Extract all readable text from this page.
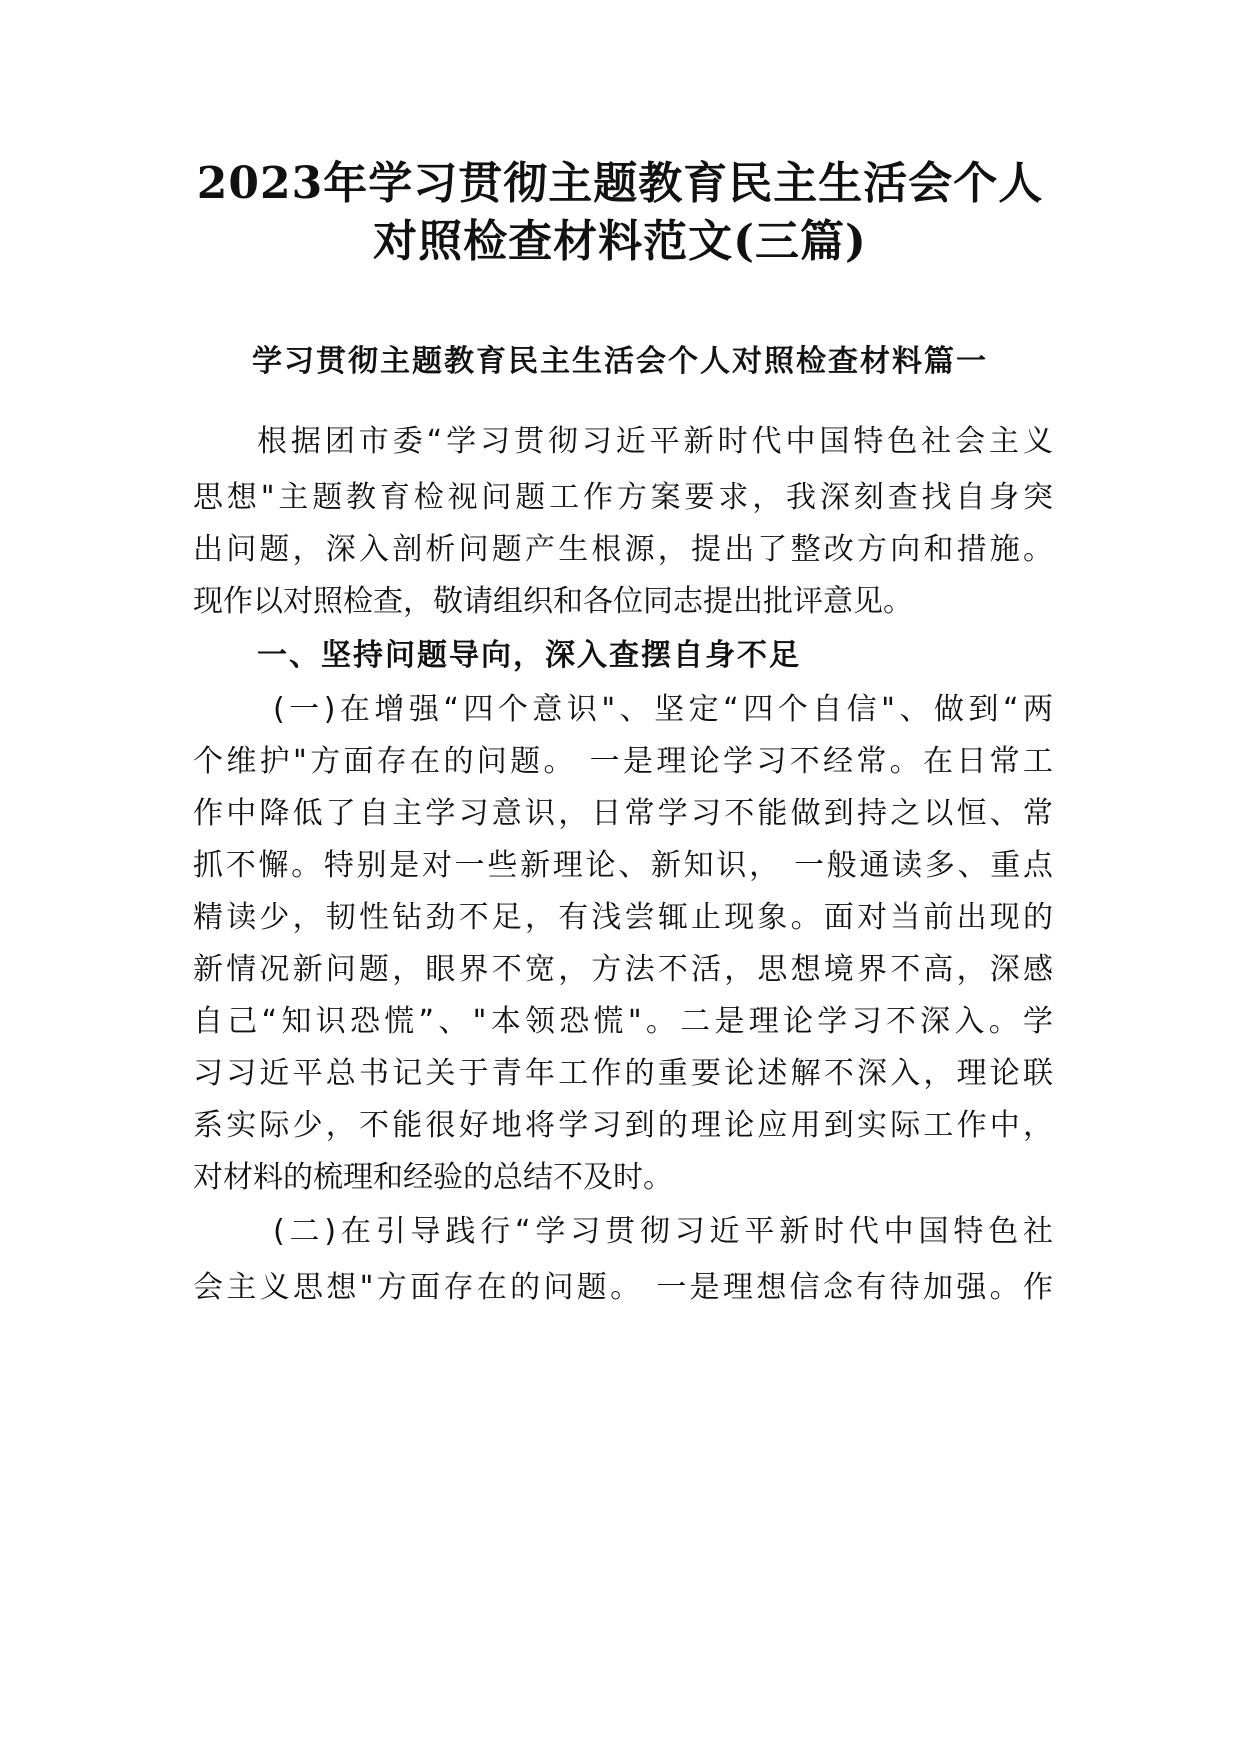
2023年学习贯彻主题教育民主生活会个人
对照检查材料范文(三篇)
学习贯彻主题教育民主生活会个人对照检查材料篇一
根据团市委“学习贯彻习近平新时代中国特色社会主义
思想"主题教育检视问题工作方案要求，我深刻查找自身突
出问题，深入剖析问题产生根源，提出了整改方向和措施。
现作以对照检查，敬请组织和各位同志提出批评意见。
一、坚持问题导向，深入查摆自身不足
(一)在增强“四个意识"、坚定“四个自信"、做到“两
个维护"方面存在的问题。 一是理论学习不经常。在日常工
作中降低了自主学习意识，日常学习不能做到持之以恒、常
抓不懈。特别是对一些新理论、新知识， 一般通读多、重点
精读少，韧性钻劲不足，有浅尝辄止现象。面对当前出现的
新情况新问题，眼界不宽，方法不活，思想境界不高，深感
自己“知识恐慌”、"本领恐慌"。二是理论学习不深入。学
习习近平总书记关于青年工作的重要论述解不深入，理论联
系实际少，不能很好地将学习到的理论应用到实际工作中，
对材料的梳理和经验的总结不及时。
(二)在引导践行“学习贯彻习近平新时代中国特色社
会主义思想"方面存在的问题。 一是理想信念有待加强。作
